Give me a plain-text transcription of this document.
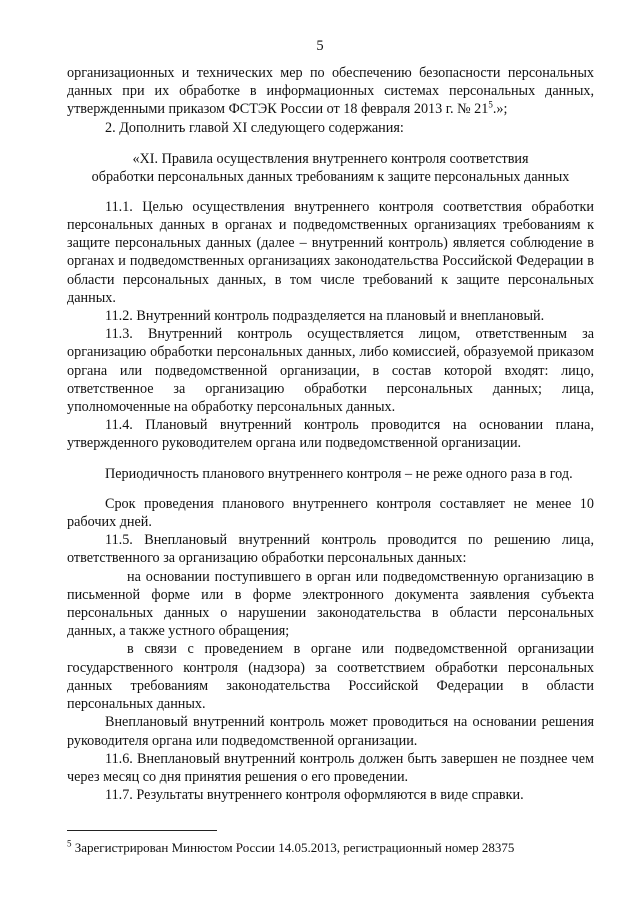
5

организационных и технических мер по обеспечению безопасности персональных данных при их обработке в информационных системах персональных данных, утвержденными приказом ФСТЭК России от 18 февраля 2013 г. № $21^5$.»;

2. Дополнить главой XI следующего содержания:

«XI. Правила осуществления внутреннего контроля соответствия
обработки персональных данных требованиям к защите персональных данных

11.1. Целью осуществления внутреннего контроля соответствия обработки персональных данных в органах и подведомственных организациях требованиям к защите персональных данных (далее – внутренний контроль) является соблюдение в органах и подведомственных организациях законодательства Российской Федерации в области персональных данных, в том числе требований к защите персональных данных.

11.2. Внутренний контроль подразделяется на плановый и внеплановый.

11.3. Внутренний контроль осуществляется лицом, ответственным за организацию обработки персональных данных, либо комиссией, образуемой приказом органа или подведомственной организации, в состав которой входят: лицо, ответственное за организацию обработки персональных данных; лица, уполномоченные на обработку персональных данных.

11.4. Плановый внутренний контроль проводится на основании плана, утвержденного руководителем органа или подведомственной организации.

Периодичность планового внутреннего контроля – не реже одного раза в год.

Срок проведения планового внутреннего контроля составляет не менее 10 рабочих дней.

11.5. Внеплановый внутренний контроль проводится по решению лица, ответственного за организацию обработки персональных данных:

на основании поступившего в орган или подведомственную организацию в письменной форме или в форме электронного документа заявления субъекта персональных данных о нарушении законодательства в области персональных данных, а также устного обращения;

в связи с проведением в органе или подведомственной организации государственного контроля (надзора) за соответствием обработки персональных данных требованиям законодательства Российской Федерации в области персональных данных.

Внеплановый внутренний контроль может проводиться на основании решения руководителя органа или подведомственной организации.

11.6. Внеплановый внутренний контроль должен быть завершен не позднее чем через месяц со дня принятия решения о его проведении.

11.7. Результаты внутреннего контроля оформляются в виде справки.

$^5$ Зарегистрирован Минюстом России 14.05.2013, регистрационный номер 28375
